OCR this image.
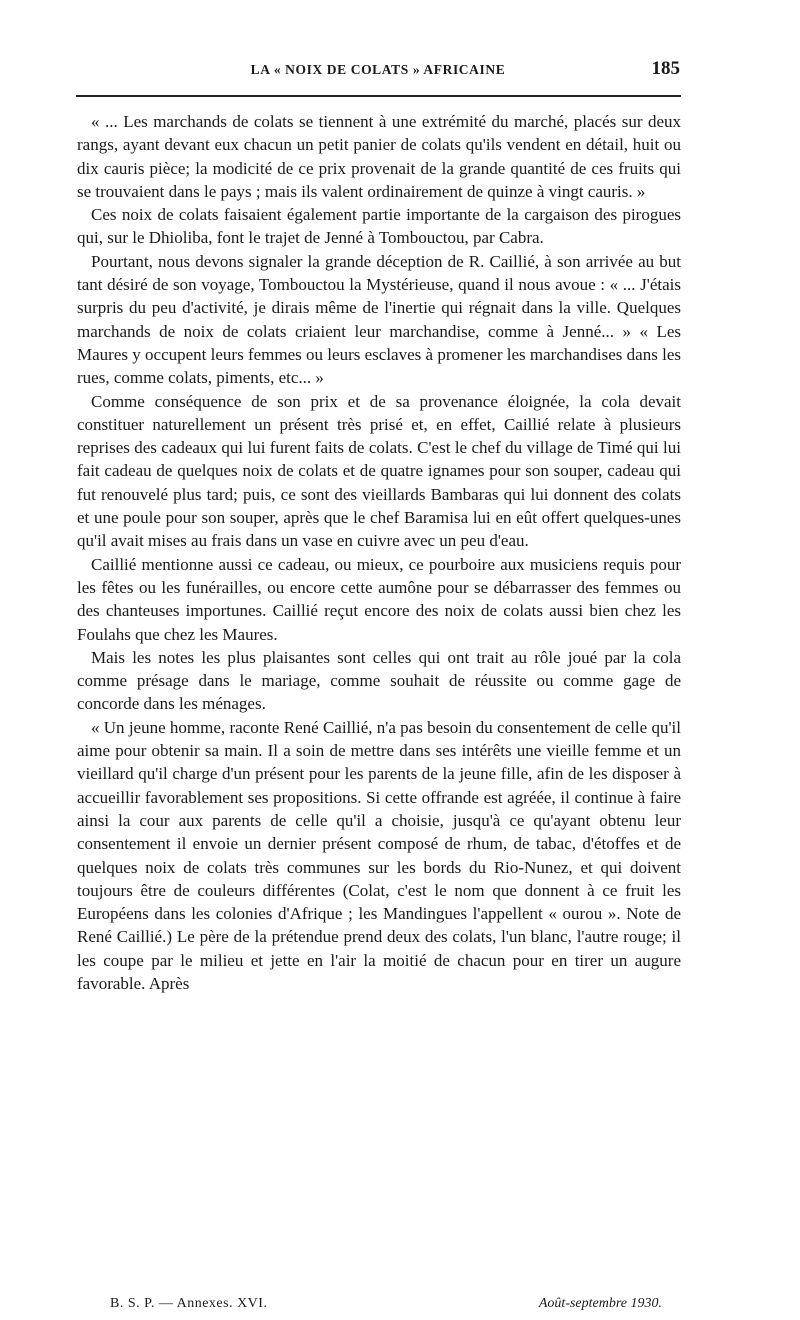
LA « NOIX DE COLATS » AFRICAINE	185

« ... Les marchands de colats se tiennent à une extrémité du marché, placés sur deux rangs, ayant devant eux chacun un petit panier de colats qu'ils vendent en détail, huit ou dix cauris pièce; la modicité de ce prix provenait de la grande quantité de ces fruits qui se trouvaient dans le pays ; mais ils valent ordinairement de quinze à vingt cauris. »

Ces noix de colats faisaient également partie importante de la cargaison des pirogues qui, sur le Dhioliba, font le trajet de Jenné à Tombouctou, par Cabra.

Pourtant, nous devons signaler la grande déception de R. Caillié, à son arrivée au but tant désiré de son voyage, Tombouctou la Mystérieuse, quand il nous avoue : « ... J'étais surpris du peu d'activité, je dirais même de l'inertie qui régnait dans la ville. Quelques marchands de noix de colats criaient leur marchandise, comme à Jenné... » « Les Maures y occupent leurs femmes ou leurs esclaves à promener les marchandises dans les rues, comme colats, piments, etc... »

Comme conséquence de son prix et de sa provenance éloignée, la cola devait constituer naturellement un présent très prisé et, en effet, Caillié relate à plusieurs reprises des cadeaux qui lui furent faits de colats. C'est le chef du village de Timé qui lui fait cadeau de quelques noix de colats et de quatre ignames pour son souper, cadeau qui fut renouvelé plus tard; puis, ce sont des vieillards Bambaras qui lui donnent des colats et une poule pour son souper, après que le chef Baramisa lui en eût offert quelques-unes qu'il avait mises au frais dans un vase en cuivre avec un peu d'eau.

Caillié mentionne aussi ce cadeau, ou mieux, ce pourboire aux musiciens requis pour les fêtes ou les funérailles, ou encore cette aumône pour se débarrasser des femmes ou des chanteuses importunes. Caillié reçut encore des noix de colats aussi bien chez les Foulahs que chez les Maures.

Mais les notes les plus plaisantes sont celles qui ont trait au rôle joué par la cola comme présage dans le mariage, comme souhait de réussite ou comme gage de concorde dans les ménages.

« Un jeune homme, raconte René Caillié, n'a pas besoin du consentement de celle qu'il aime pour obtenir sa main. Il a soin de mettre dans ses intérêts une vieille femme et un vieillard qu'il charge d'un présent pour les parents de la jeune fille, afin de les disposer à accueillir favorablement ses propositions. Si cette offrande est agréée, il continue à faire ainsi la cour aux parents de celle qu'il a choisie, jusqu'à ce qu'ayant obtenu leur consentement il envoie un dernier présent composé de rhum, de tabac, d'étoffes et de quelques noix de colats très communes sur les bords du Rio-Nunez, et qui doivent toujours être de couleurs différentes (Colat, c'est le nom que donnent à ce fruit les Européens dans les colonies d'Afrique ; les Mandingues l'appellent « ourou ». Note de René Caillié.) Le père de la prétendue prend deux des colats, l'un blanc, l'autre rouge; il les coupe par le milieu et jette en l'air la moitié de chacun pour en tirer un augure favorable. Après

B. S. P. — Annexes. XVI.	Août-septembre 1930.
